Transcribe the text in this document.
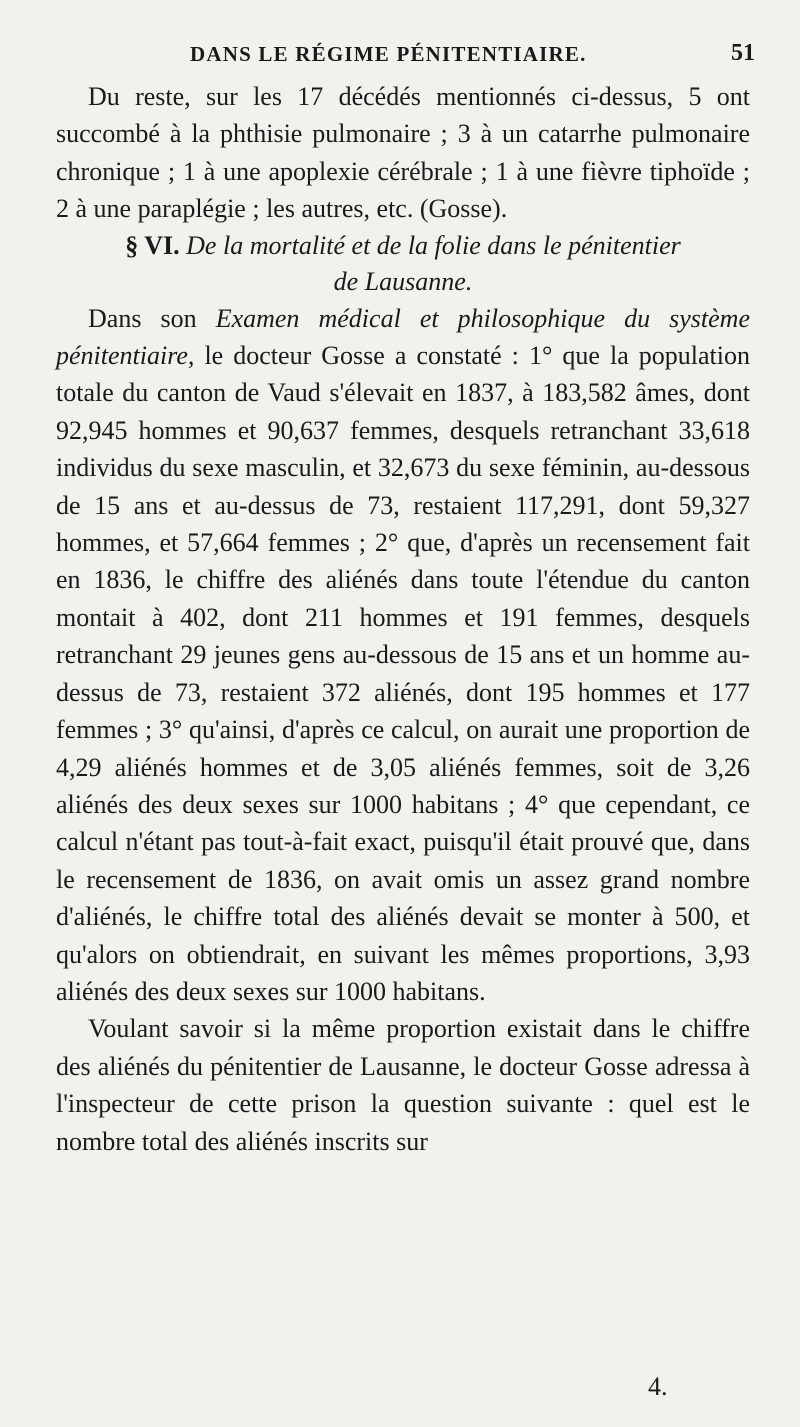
DANS LE RÉGIME PÉNITENTIAIRE.	51

Du reste, sur les 17 décédés mentionnés ci-dessus, 5 ont succombé à la phthisie pulmonaire ; 3 à un catarrhe pulmonaire chronique ; 1 à une apoplexie cérébrale ; 1 à une fièvre tiphoïde ; 2 à une paraplégie ; les autres, etc. (Gosse).

§ VI. De la mortalité et de la folie dans le pénitentier
de Lausanne.

Dans son Examen médical et philosophique du système pénitentiaire, le docteur Gosse a constaté : 1° que la population totale du canton de Vaud s'élevait en 1837, à 183,582 âmes, dont 92,945 hommes et 90,637 femmes, desquels retranchant 33,618 individus du sexe masculin, et 32,673 du sexe féminin, au-dessous de 15 ans et au-dessus de 73, restaient 117,291, dont 59,327 hommes, et 57,664 femmes ; 2° que, d'après un recensement fait en 1836, le chiffre des aliénés dans toute l'étendue du canton montait à 402, dont 211 hommes et 191 femmes, desquels retranchant 29 jeunes gens au-dessous de 15 ans et un homme au-dessus de 73, restaient 372 aliénés, dont 195 hommes et 177 femmes ; 3° qu'ainsi, d'après ce calcul, on aurait une proportion de 4,29 aliénés hommes et de 3,05 aliénés femmes, soit de 3,26 aliénés des deux sexes sur 1000 habitans ; 4° que cependant, ce calcul n'étant pas tout-à-fait exact, puisqu'il était prouvé que, dans le recensement de 1836, on avait omis un assez grand nombre d'aliénés, le chiffre total des aliénés devait se monter à 500, et qu'alors on obtiendrait, en suivant les mêmes proportions, 3,93 aliénés des deux sexes sur 1000 habitans.

Voulant savoir si la même proportion existait dans le chiffre des aliénés du pénitentier de Lausanne, le docteur Gosse adressa à l'inspecteur de cette prison la question suivante : quel est le nombre total des aliénés inscrits sur

4.
